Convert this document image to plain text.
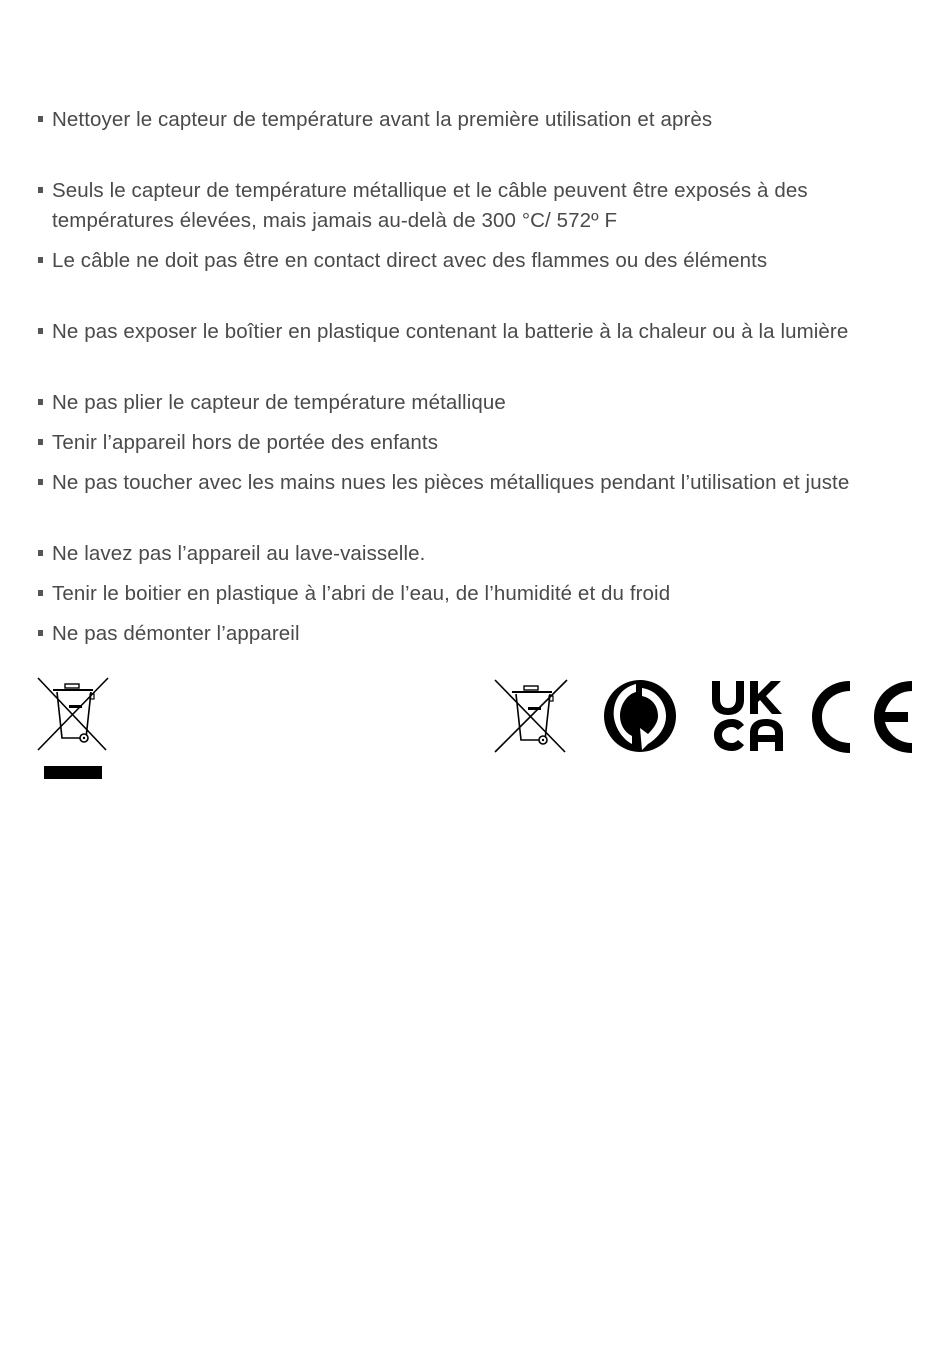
Nettoyer le capteur de température avant la première utilisation et après
Seuls le capteur de température métallique et le câble peuvent être exposés à des
températures élevées, mais jamais au-delà de 300 °C/ 572º F
Le câble ne doit pas être en contact direct avec des flammes ou des éléments
Ne pas exposer le boîtier en plastique contenant la batterie à la chaleur ou à la lumière
Ne pas plier le capteur de température métallique
Tenir l’appareil hors de portée des enfants
Ne pas toucher avec les mains nues les pièces métalliques pendant l’utilisation et juste
Ne lavez pas l’appareil au lave-vaisselle.
Tenir le boitier en plastique à l’abri de l’eau, de l’humidité et du froid
Ne pas démonter l’appareil
